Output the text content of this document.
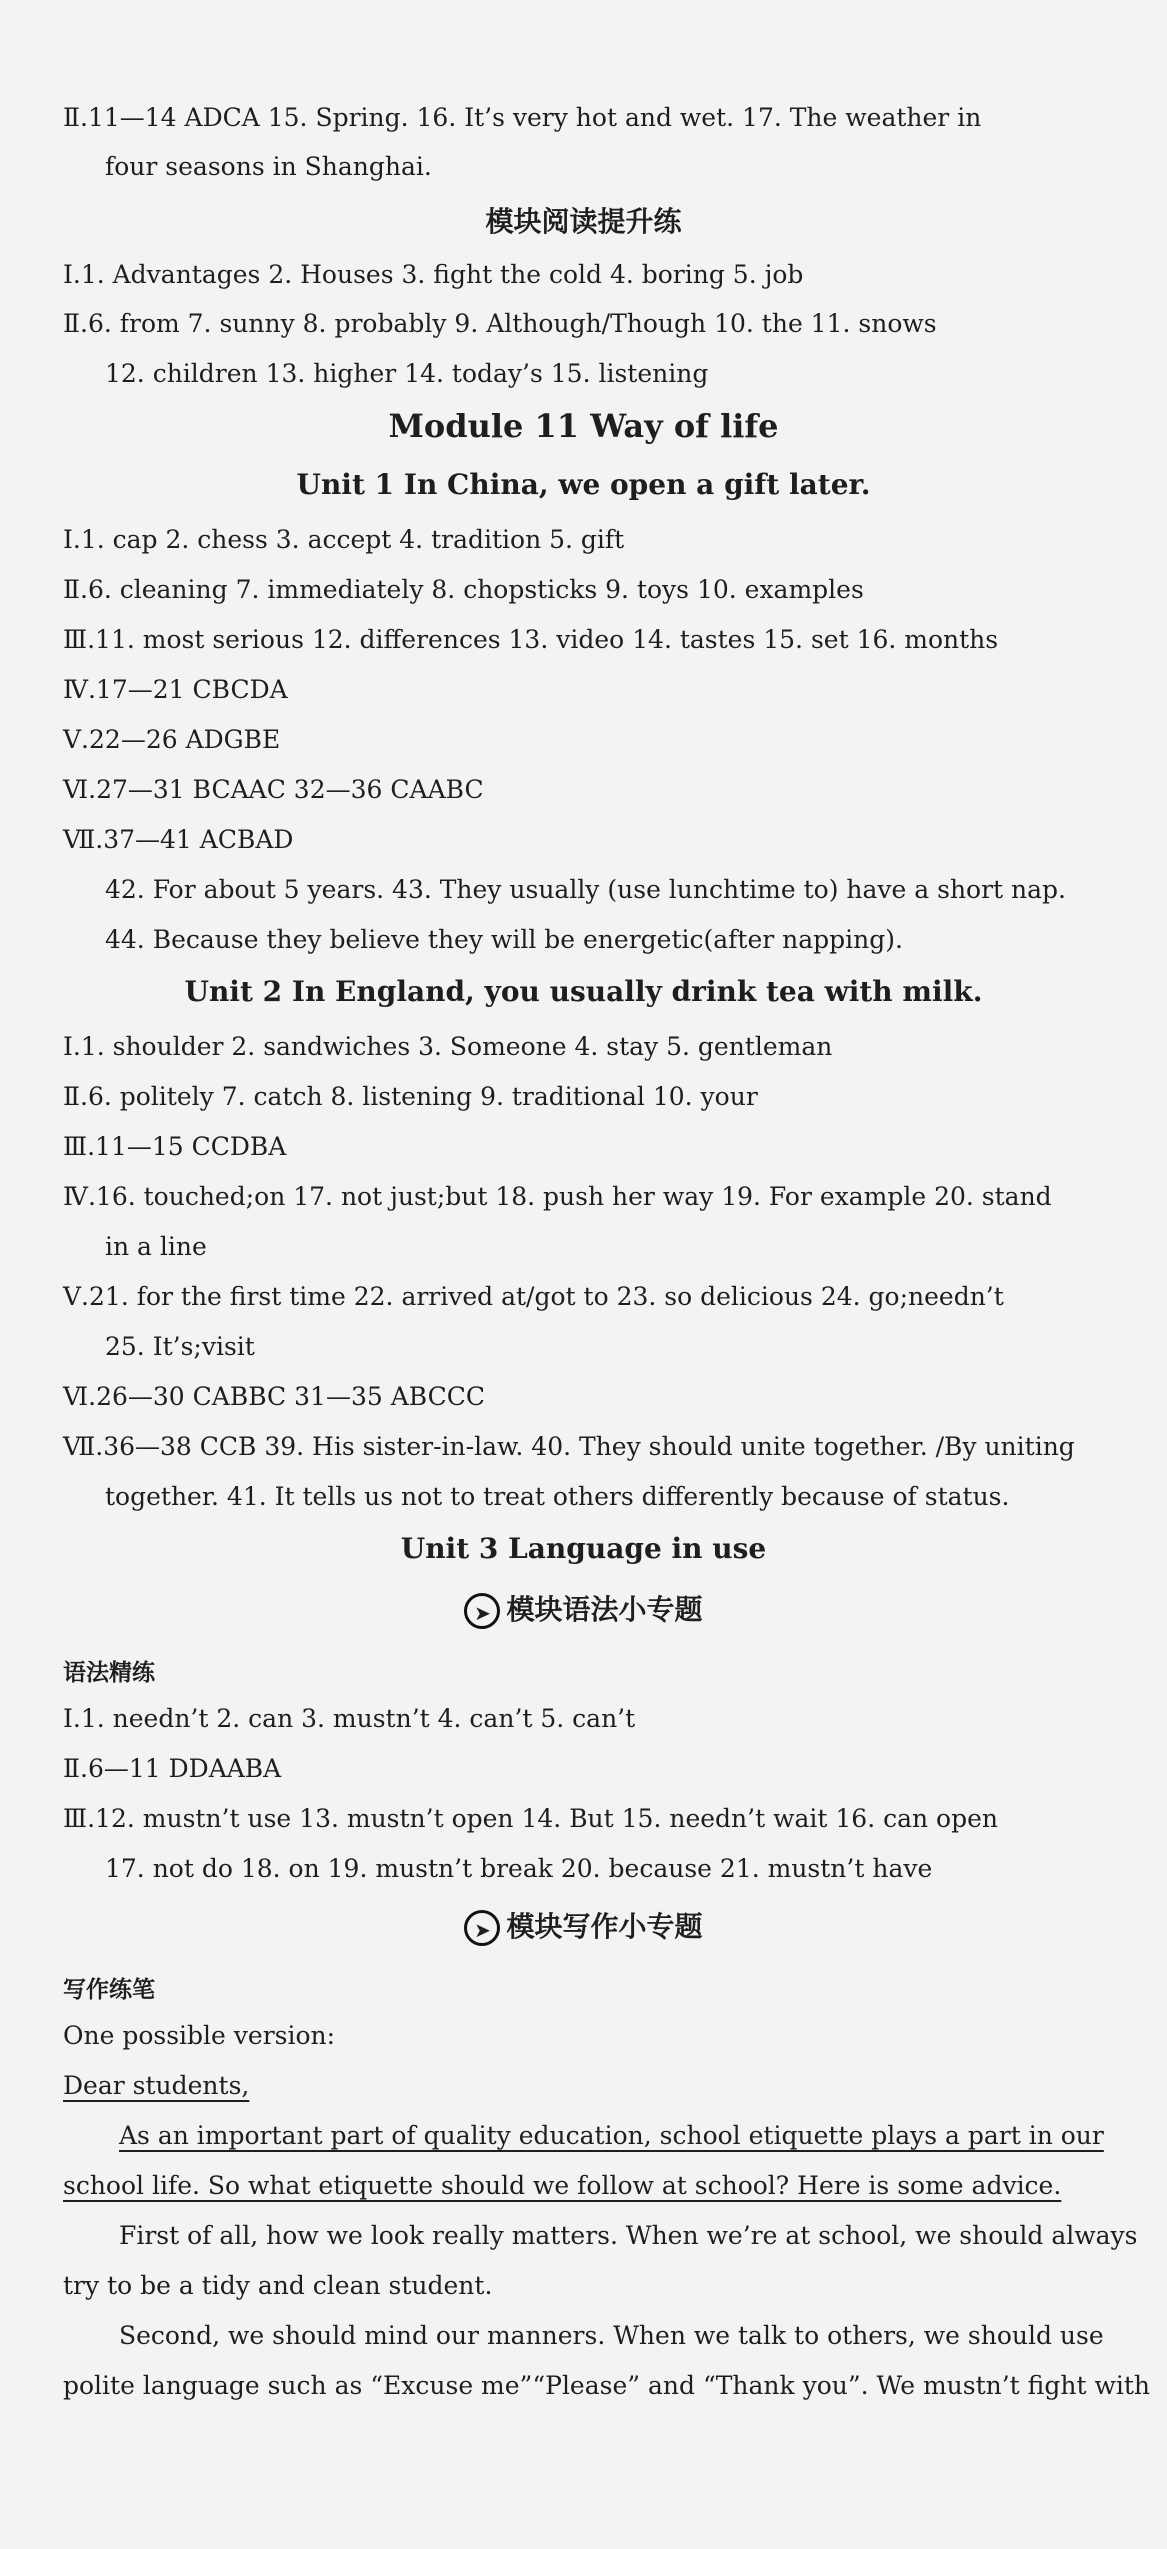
Ⅱ.11—14 ADCA 15. Spring. 16. It’s very hot and wet. 17. The weather in
four seasons in Shanghai.
模块阅读提升练
Ⅰ.1. Advantages 2. Houses 3. fight the cold 4. boring 5. job
Ⅱ.6. from 7. sunny 8. probably 9. Although/Though 10. the 11. snows
12. children 13. higher 14. today’s 15. listening
Module 11 Way of life
Unit 1 In China, we open a gift later.
Ⅰ.1. cap 2. chess 3. accept 4. tradition 5. gift
Ⅱ.6. cleaning 7. immediately 8. chopsticks 9. toys 10. examples
Ⅲ.11. most serious 12. differences 13. video 14. tastes 15. set 16. months
Ⅳ.17—21 CBCDA
Ⅴ.22—26 ADGBE
Ⅵ.27—31 BCAAC 32—36 CAABC
Ⅶ.37—41 ACBAD
42. For about 5 years. 43. They usually (use lunchtime to) have a short nap.
44. Because they believe they will be energetic(after napping).
Unit 2 In England, you usually drink tea with milk.
Ⅰ.1. shoulder 2. sandwiches 3. Someone 4. stay 5. gentleman
Ⅱ.6. politely 7. catch 8. listening 9. traditional 10. your
Ⅲ.11—15 CCDBA
Ⅳ.16. touched;on 17. not just;but 18. push her way 19. For example 20. stand
in a line
Ⅴ.21. for the first time 22. arrived at/got to 23. so delicious 24. go;needn’t
25. It’s;visit
Ⅵ.26—30 CABBC 31—35 ABCCC
Ⅶ.36—38 CCB 39. His sister-in-law. 40. They should unite together. /By uniting
together. 41. It tells us not to treat others differently because of status.
Unit 3 Language in use
➤ 模块语法小专题
语法精练
Ⅰ.1. needn’t 2. can 3. mustn’t 4. can’t 5. can’t
Ⅱ.6—11 DDAABA
Ⅲ.12. mustn’t use 13. mustn’t open 14. But 15. needn’t wait 16. can open
17. not do 18. on 19. mustn’t break 20. because 21. mustn’t have
➤ 模块写作小专题
写作练笔
One possible version:
Dear students,
As an important part of quality education, school etiquette plays a part in our
school life. So what etiquette should we follow at school? Here is some advice.
First of all, how we look really matters. When we’re at school, we should always
try to be a tidy and clean student.
Second, we should mind our manners. When we talk to others, we should use
polite language such as “Excuse me”“Please” and “Thank you”. We mustn’t fight with
